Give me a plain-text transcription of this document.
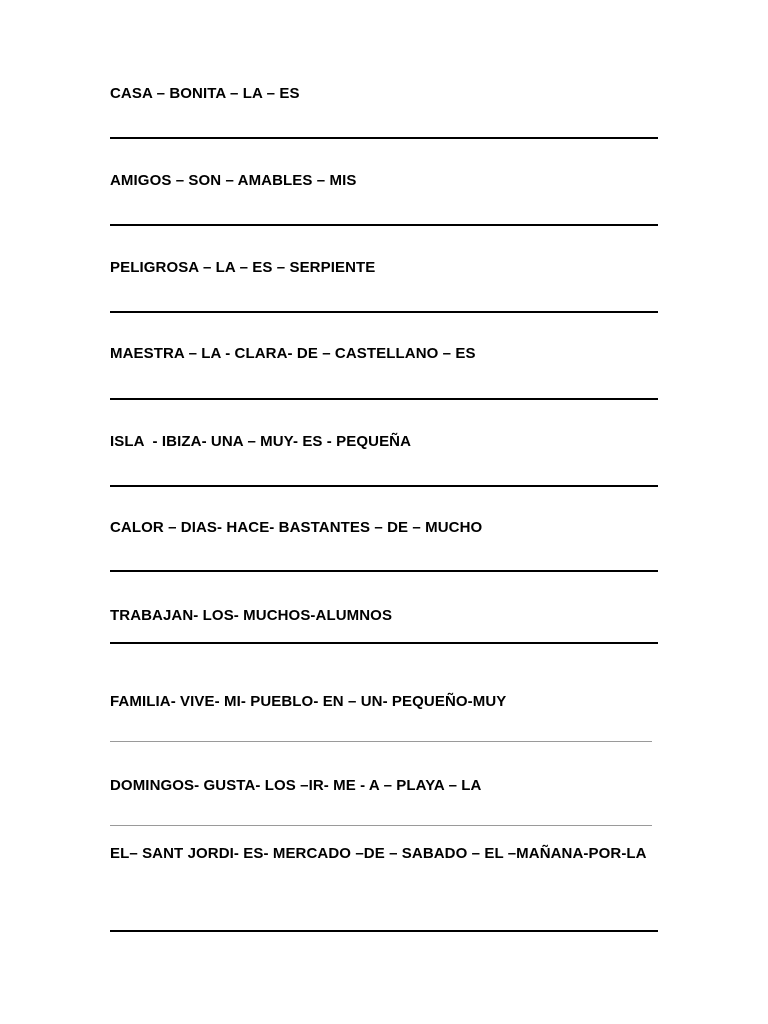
CASA – BONITA – LA – ES
AMIGOS – SON – AMABLES – MIS
PELIGROSA – LA – ES – SERPIENTE
MAESTRA – LA - CLARA- DE – CASTELLANO – ES
ISLA  - IBIZA- UNA – MUY- ES - PEQUEÑA
CALOR – DIAS- HACE- BASTANTES – DE – MUCHO
TRABAJAN- LOS- MUCHOS-ALUMNOS
FAMILIA- VIVE- MI- PUEBLO- EN – UN- PEQUEÑO-MUY
DOMINGOS- GUSTA- LOS –IR- ME - A – PLAYA – LA
EL– SANT JORDI- ES- MERCADO –DE – SABADO – EL –MAÑANA-POR-LA
